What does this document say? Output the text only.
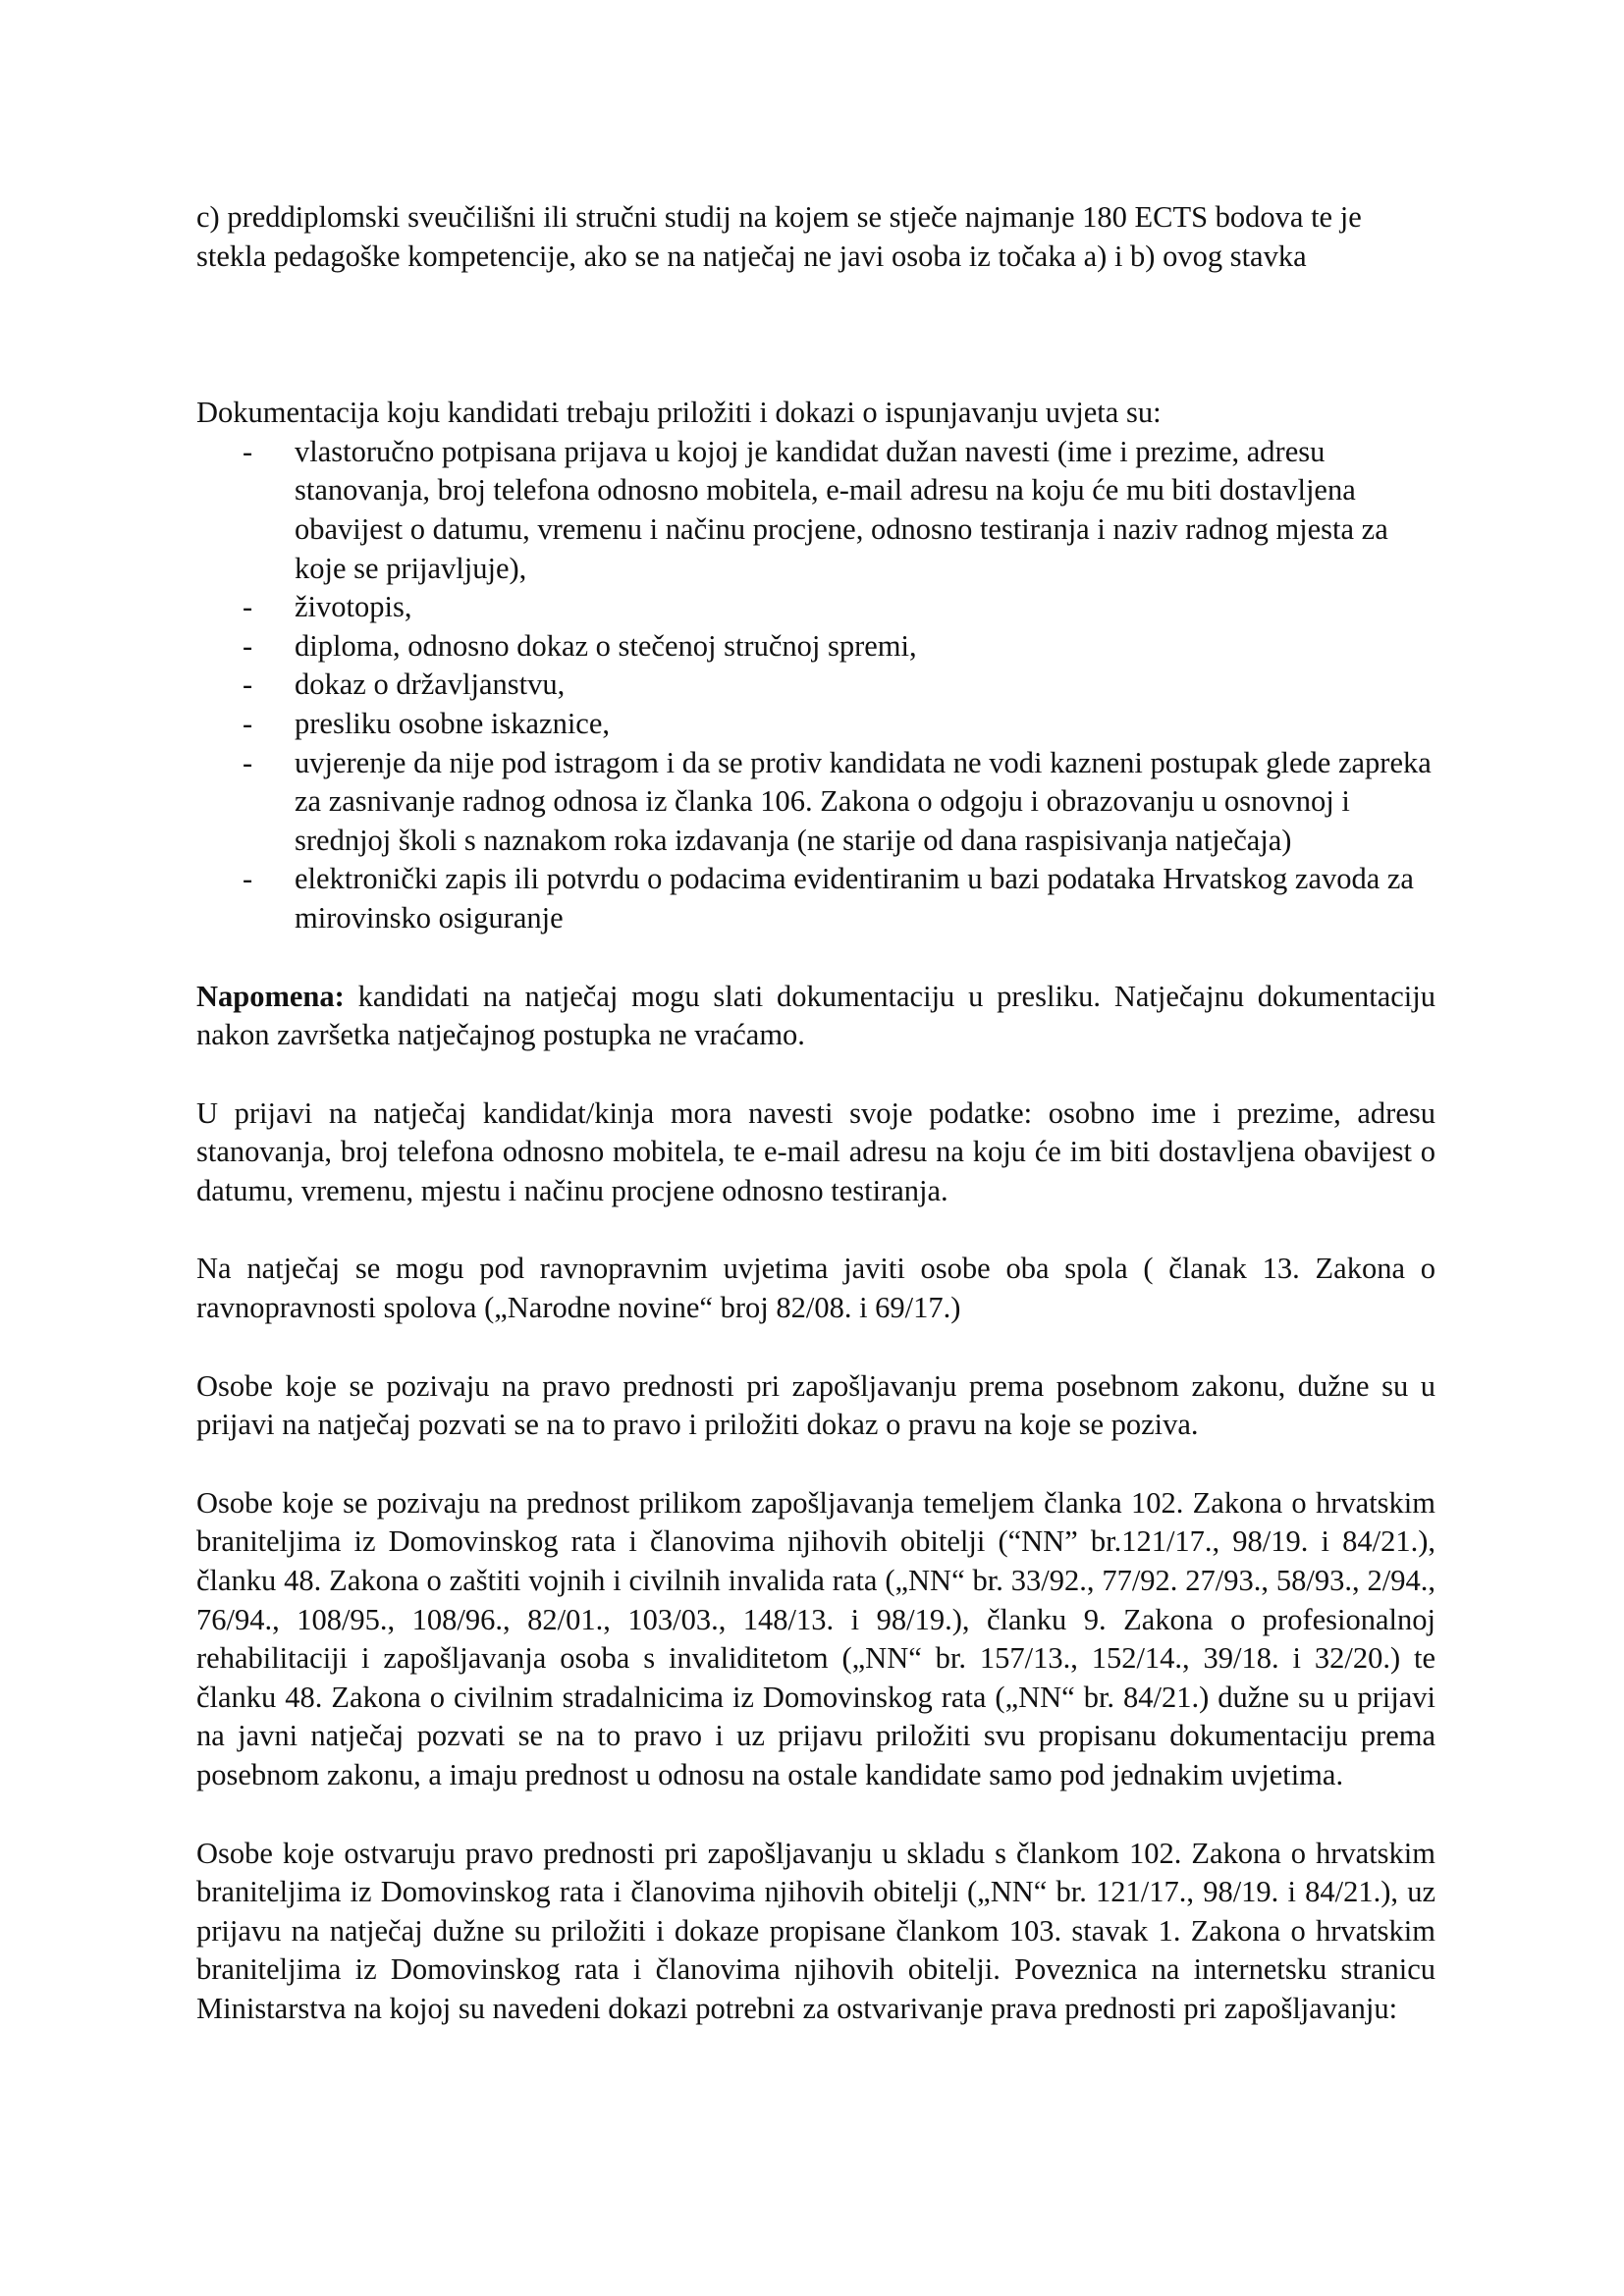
c) preddiplomski sveučilišni ili stručni studij na kojem se stječe najmanje 180 ECTS bodova te je stekla pedagoške kompetencije, ako se na natječaj ne javi osoba iz točaka a) i b) ovog stavka

Dokumentacija koju kandidati trebaju priložiti i dokazi o ispunjavanju uvjeta su:

- vlastoručno potpisana prijava u kojoj je kandidat dužan navesti (ime i prezime, adresu stanovanja, broj telefona odnosno mobitela, e-mail adresu na koju će mu biti dostavljena obavijest o datumu, vremenu i načinu procjene, odnosno testiranja i naziv radnog mjesta za koje se prijavljuje),
- životopis,
- diploma, odnosno dokaz o stečenoj stručnoj spremi,
- dokaz o državljanstvu,
- presliku osobne iskaznice,
- uvjerenje da nije pod istragom i da se protiv kandidata ne vodi kazneni postupak glede zapreka za zasnivanje radnog odnosa iz članka 106. Zakona o odgoju i obrazovanju u osnovnoj i srednjoj školi s naznakom roka izdavanja (ne starije od dana raspisivanja natječaja)
- elektronički zapis ili potvrdu o podacima evidentiranim u bazi podataka Hrvatskog zavoda za mirovinsko osiguranje

Napomena: kandidati na natječaj mogu slati dokumentaciju u presliku. Natječajnu dokumentaciju nakon završetka natječajnog postupka ne vraćamo.

U prijavi na natječaj kandidat/kinja mora navesti svoje podatke: osobno ime i prezime, adresu stanovanja, broj telefona odnosno mobitela, te e-mail adresu na koju će im biti dostavljena obavijest o datumu, vremenu, mjestu i načinu procjene odnosno testiranja.

Na natječaj se mogu pod ravnopravnim uvjetima javiti osobe oba spola ( članak 13. Zakona o ravnopravnosti spolova („Narodne novine“ broj 82/08. i 69/17.)

Osobe koje se pozivaju na pravo prednosti pri zapošljavanju prema posebnom zakonu, dužne su u prijavi na natječaj pozvati se na to pravo i priložiti dokaz o pravu na koje se poziva.

Osobe koje se pozivaju na prednost prilikom zapošljavanja temeljem članka 102. Zakona o hrvatskim braniteljima iz Domovinskog rata i članovima njihovih obitelji (“NN” br.121/17., 98/19. i 84/21.), članku 48. Zakona o zaštiti vojnih i civilnih invalida rata („NN“ br. 33/92., 77/92. 27/93., 58/93., 2/94., 76/94., 108/95., 108/96., 82/01., 103/03., 148/13. i 98/19.), članku 9. Zakona o profesionalnoj rehabilitaciji i zapošljavanja osoba s invaliditetom („NN“ br. 157/13., 152/14., 39/18. i 32/20.) te članku 48. Zakona o civilnim stradalnicima iz Domovinskog rata („NN“ br. 84/21.) dužne su u prijavi na javni natječaj pozvati se na to pravo i uz prijavu priložiti svu propisanu dokumentaciju prema posebnom zakonu, a imaju prednost u odnosu na ostale kandidate samo pod jednakim uvjetima.

Osobe koje ostvaruju pravo prednosti pri zapošljavanju u skladu s člankom 102. Zakona o hrvatskim braniteljima iz Domovinskog rata i članovima njihovih obitelji („NN“ br. 121/17., 98/19. i 84/21.), uz prijavu na natječaj dužne su priložiti i dokaze propisane člankom 103. stavak 1. Zakona o hrvatskim braniteljima iz Domovinskog rata i članovima njihovih obitelji. Poveznica na internetsku stranicu Ministarstva na kojoj su navedeni dokazi potrebni za ostvarivanje prava prednosti pri zapošljavanju:
